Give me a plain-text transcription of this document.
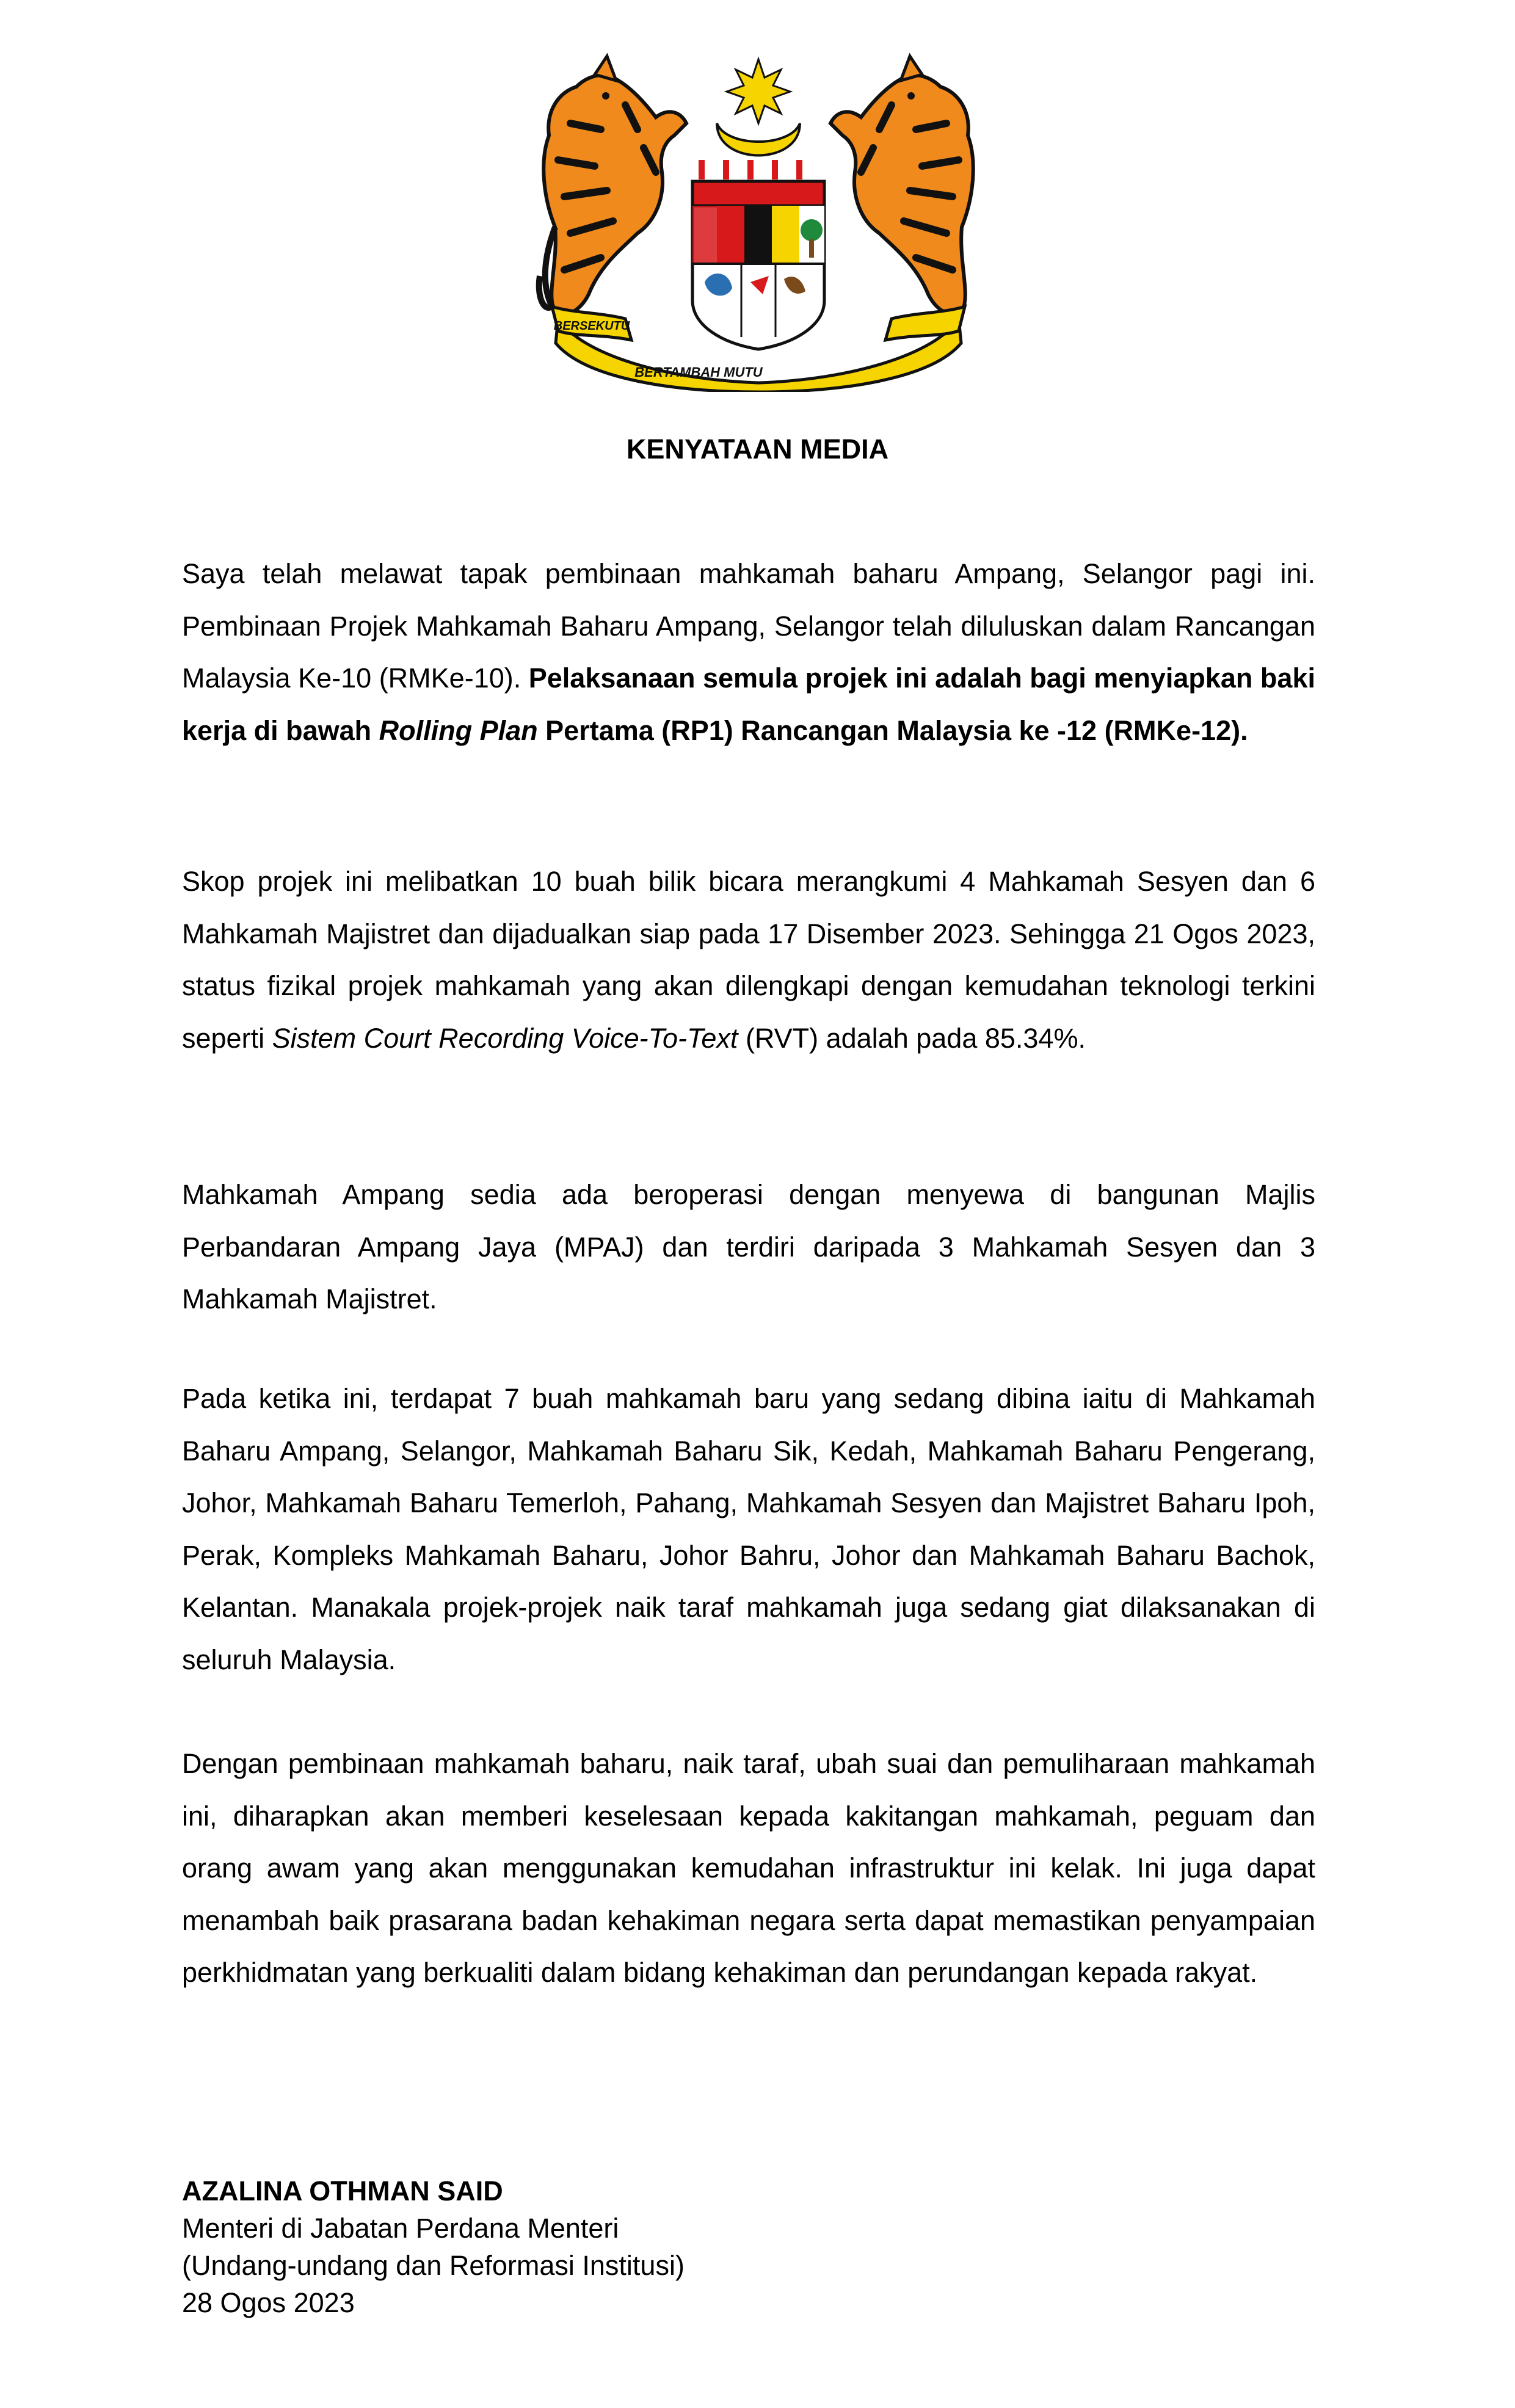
BERSEKUTU
BERTAMBAH MUTU
KENYATAAN MEDIA

Saya telah melawat tapak pembinaan mahkamah baharu Ampang, Selangor pagi ini. Pembinaan Projek Mahkamah Baharu Ampang, Selangor telah diluluskan dalam Rancangan Malaysia Ke-10 (RMKe-10). Pelaksanaan semula projek ini adalah bagi menyiapkan baki kerja di bawah Rolling Plan Pertama (RP1) Rancangan Malaysia ke -12 (RMKe-12).

Skop projek ini melibatkan 10 buah bilik bicara merangkumi 4 Mahkamah Sesyen dan 6 Mahkamah Majistret dan dijadualkan siap pada 17 Disember 2023. Sehingga 21 Ogos 2023, status fizikal projek mahkamah yang akan dilengkapi dengan kemudahan teknologi terkini seperti Sistem Court Recording Voice-To-Text (RVT) adalah pada 85.34%.

Mahkamah Ampang sedia ada beroperasi dengan menyewa di bangunan Majlis Perbandaran Ampang Jaya (MPAJ) dan terdiri daripada 3 Mahkamah Sesyen dan 3 Mahkamah Majistret.

Pada ketika ini, terdapat 7 buah mahkamah baru yang sedang dibina iaitu di Mahkamah Baharu Ampang, Selangor, Mahkamah Baharu Sik, Kedah, Mahkamah Baharu Pengerang, Johor, Mahkamah Baharu Temerloh, Pahang, Mahkamah Sesyen dan Majistret Baharu Ipoh, Perak, Kompleks Mahkamah Baharu, Johor Bahru, Johor dan Mahkamah Baharu Bachok, Kelantan. Manakala projek-projek naik taraf mahkamah juga sedang giat dilaksanakan di seluruh Malaysia.

Dengan pembinaan mahkamah baharu, naik taraf, ubah suai dan pemuliharaan mahkamah ini, diharapkan akan memberi keselesaan kepada kakitangan mahkamah, peguam dan orang awam yang akan menggunakan kemudahan infrastruktur ini kelak. Ini juga dapat menambah baik prasarana badan kehakiman negara serta dapat memastikan penyampaian perkhidmatan yang berkualiti dalam bidang kehakiman dan perundangan kepada rakyat.

AZALINA OTHMAN SAID
Menteri di Jabatan Perdana Menteri
(Undang-undang dan Reformasi Institusi)
28 Ogos 2023
